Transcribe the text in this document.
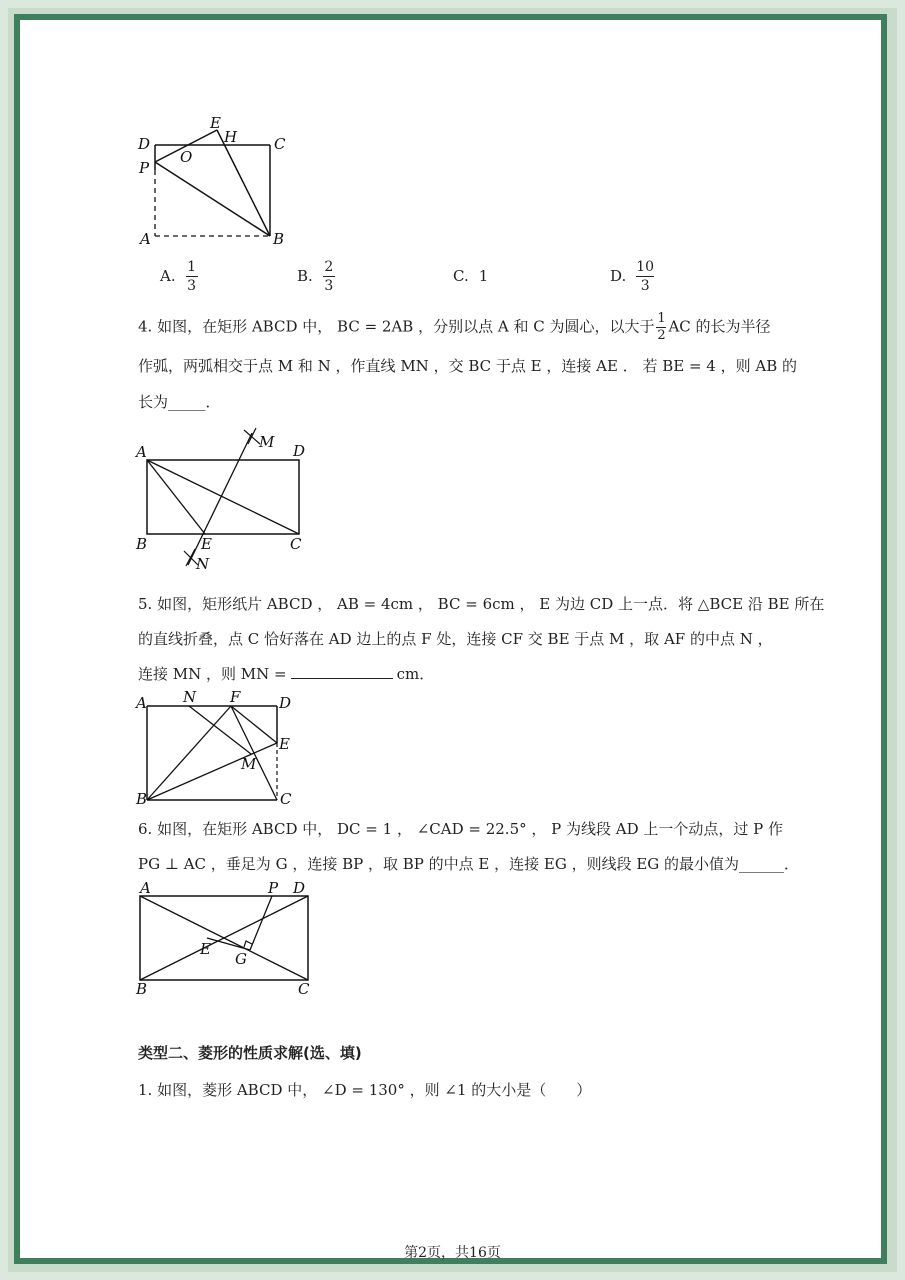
D
E
H C
P
O
A	B
A. $\frac{1}{3}$	B. $\frac{2}{3}$	C. 1	D. $\frac{10}{3}$
4. 如图，在矩形 ABCD 中， BC = 2AB ，分别以点 A 和 C 为圆心，以大于 $\frac{1}{2}$ AC 的长为半径
作弧，两弧相交于点 M 和 N ，作直线 MN ，交 BC 于点 E ，连接 AE ． 若 BE = 4 ，则 AB 的
长为_____．
A
M D
B	E	C
N
5. 如图，矩形纸片 ABCD ， AB = 4cm ， BC = 6cm ， E 为边 CD 上一点．将 △BCE 沿 BE 所在
的直线折叠，点 C 恰好落在 AD 边上的点 F 处，连接 CF 交 BE 于点 M ，取 AF 的中点 N ，
连接 MN ，则 MN =	cm．
A N F	D
E
M
B	C
6. 如图，在矩形 ABCD 中， DC = 1 ， ∠CAD = 22.5° ， P 为线段 AD 上一个动点，过 P 作
PG ⊥ AC ，垂足为 G ，连接 BP ，取 BP 的中点 E ，连接 EG ，则线段 EG 的最小值为______．
A	P D
E
G
B	C
类型二、菱形的性质求解(选、填)
1. 如图，菱形 ABCD 中， ∠D = 130° ，则 ∠1 的大小是（　　）
第2页，共16页
